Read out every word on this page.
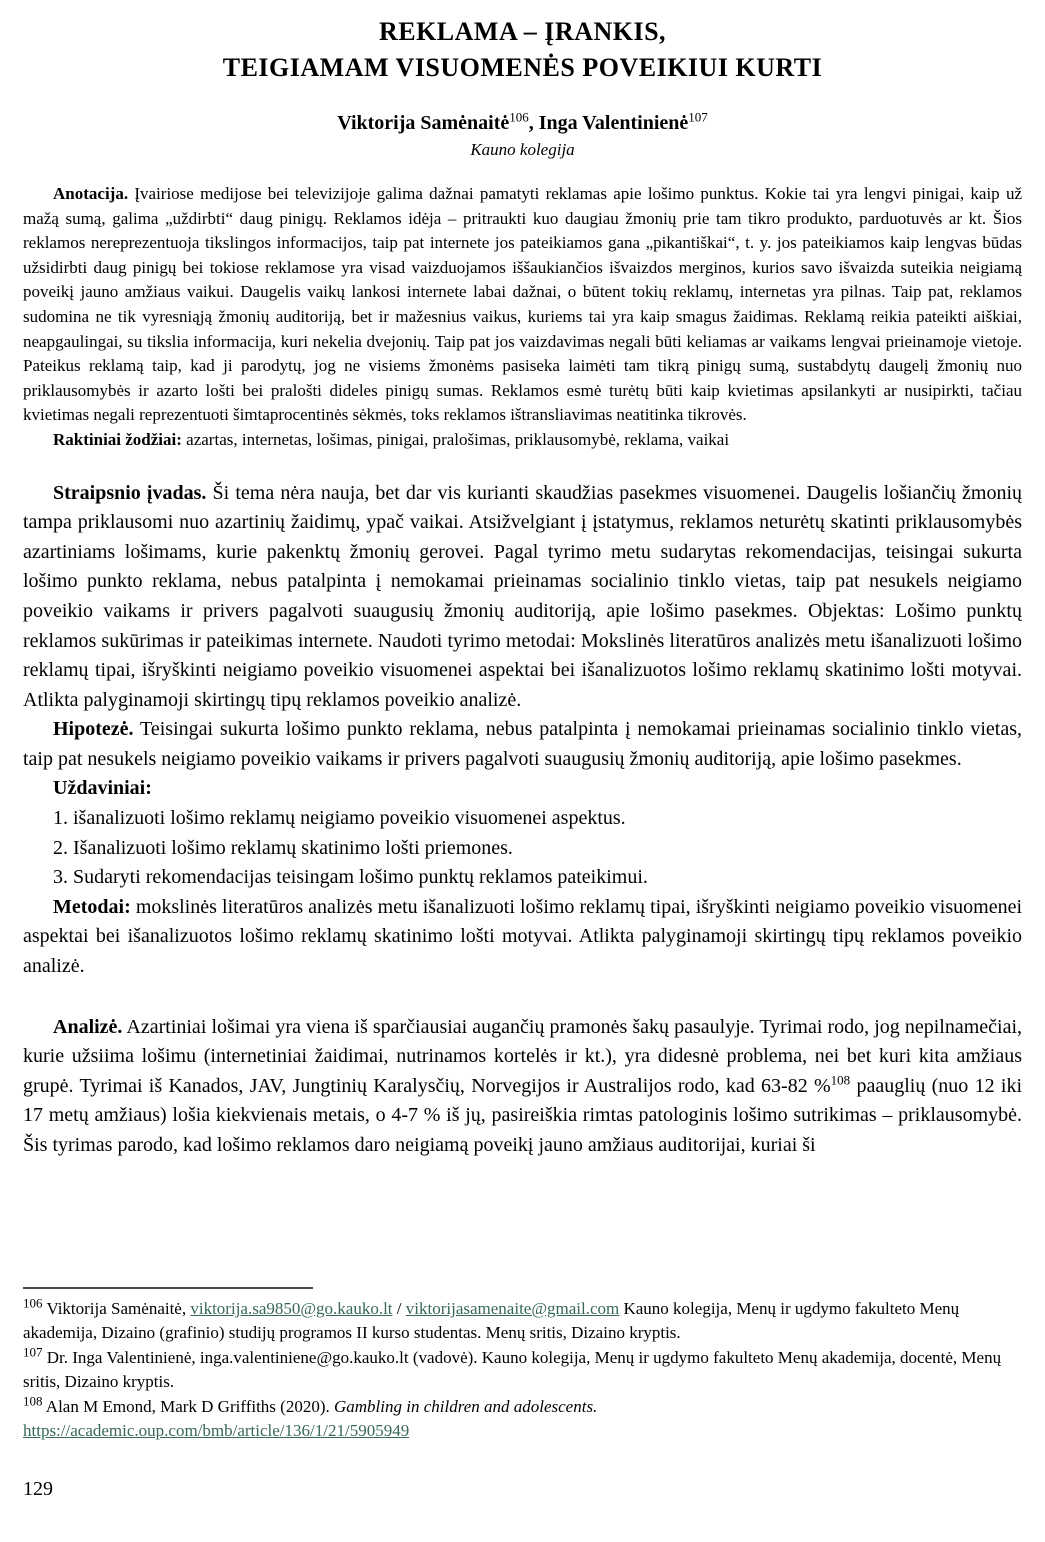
REKLAMA – ĮRANKIS,
TEIGIAMAM VISUOMENĖS POVEIKIUI KURTI
Viktorija Samėnaitė$^{106}$, Inga Valentinienė$^{107}$
Kauno kolegija

Anotacija. Įvairiose medijose bei televizijoje galima dažnai pamatyti reklamas apie lošimo punktus. Kokie tai yra lengvi pinigai, kaip už mažą sumą, galima „uždirbti“ daug pinigų. Reklamos idėja – pritraukti kuo daugiau žmonių prie tam tikro produkto, parduotuvės ar kt. Šios reklamos nereprezentuoja tikslingos informacijos, taip pat internete jos pateikiamos gana „pikantiškai“, t. y. jos pateikiamos kaip lengvas būdas užsidirbti daug pinigų bei tokiose reklamose yra visad vaizduojamos iššaukiančios išvaizdos merginos, kurios savo išvaizda suteikia neigiamą poveikį jauno amžiaus vaikui. Daugelis vaikų lankosi internete labai dažnai, o būtent tokių reklamų, internetas yra pilnas. Taip pat, reklamos sudomina ne tik vyresniąją žmonių auditoriją, bet ir mažesnius vaikus, kuriems tai yra kaip smagus žaidimas. Reklamą reikia pateikti aiškiai, neapgaulingai, su tikslia informacija, kuri nekelia dvejonių. Taip pat jos vaizdavimas negali būti keliamas ar vaikams lengvai prieinamoje vietoje. Pateikus reklamą taip, kad ji parodytų, jog ne visiems žmonėms pasiseka laimėti tam tikrą pinigų sumą, sustabdytų daugelį žmonių nuo priklausomybės ir azarto lošti bei pralošti dideles pinigų sumas. Reklamos esmė turėtų būti kaip kvietimas apsilankyti ar nusipirkti, tačiau kvietimas negali reprezentuoti šimtaprocentinės sėkmės, toks reklamos ištransliavimas neatitinka tikrovės.

Raktiniai žodžiai: azartas, internetas, lošimas, pinigai, pralošimas, priklausomybė, reklama, vaikai

Straipsnio įvadas. Ši tema nėra nauja, bet dar vis kurianti skaudžias pasekmes visuomenei. Daugelis lošiančių žmonių tampa priklausomi nuo azartinių žaidimų, ypač vaikai. Atsižvelgiant į įstatymus, reklamos neturėtų skatinti priklausomybės azartiniams lošimams, kurie pakenktų žmonių gerovei. Pagal tyrimo metu sudarytas rekomendacijas, teisingai sukurta lošimo punkto reklama, nebus patalpinta į nemokamai prieinamas socialinio tinklo vietas, taip pat nesukels neigiamo poveikio vaikams ir privers pagalvoti suaugusių žmonių auditoriją, apie lošimo pasekmes. Objektas: Lošimo punktų reklamos sukūrimas ir pateikimas internete. Naudoti tyrimo metodai: Mokslinės literatūros analizės metu išanalizuoti lošimo reklamų tipai, išryškinti neigiamo poveikio visuomenei aspektai bei išanalizuotos lošimo reklamų skatinimo lošti motyvai. Atlikta palyginamoji skirtingų tipų reklamos poveikio analizė.

Hipotezė. Teisingai sukurta lošimo punkto reklama, nebus patalpinta į nemokamai prieinamas socialinio tinklo vietas, taip pat nesukels neigiamo poveikio vaikams ir privers pagalvoti suaugusių žmonių auditoriją, apie lošimo pasekmes.

Uždaviniai:

1. išanalizuoti lošimo reklamų neigiamo poveikio visuomenei aspektus.

2. Išanalizuoti lošimo reklamų skatinimo lošti priemones.

3. Sudaryti rekomendacijas teisingam lošimo punktų reklamos pateikimui.

Metodai: mokslinės literatūros analizės metu išanalizuoti lošimo reklamų tipai, išryškinti neigiamo poveikio visuomenei aspektai bei išanalizuotos lošimo reklamų skatinimo lošti motyvai. Atlikta palyginamoji skirtingų tipų reklamos poveikio analizė.

Analizė. Azartiniai lošimai yra viena iš sparčiausiai augančių pramonės šakų pasaulyje. Tyrimai rodo, jog nepilnamečiai, kurie užsiima lošimu (internetiniai žaidimai, nutrinamos kortelės ir kt.), yra didesnė problema, nei bet kuri kita amžiaus grupė. Tyrimai iš Kanados, JAV, Jungtinių Karalysčių, Norvegijos ir Australijos rodo, kad 63-82 %$^{108}$ paauglių (nuo 12 iki 17 metų amžiaus) lošia kiekvienais metais, o 4-7 % iš jų, pasireiškia rimtas patologinis lošimo sutrikimas – priklausomybė. Šis tyrimas parodo, kad lošimo reklamos daro neigiamą poveikį jauno amžiaus auditorijai, kuriai ši

$^{106}$ Viktorija Samėnaitė, viktorija.sa9850@go.kauko.lt / viktorijasamenaite@gmail.com Kauno kolegija, Menų ir ugdymo fakulteto Menų akademija, Dizaino (grafinio) studijų programos II kurso studentas. Menų sritis, Dizaino kryptis.

$^{107}$ Dr. Inga Valentinienė, inga.valentiniene@go.kauko.lt (vadovė). Kauno kolegija, Menų ir ugdymo fakulteto Menų akademija, docentė, Menų sritis, Dizaino kryptis.

$^{108}$ Alan M Emond, Mark D Griffiths (2020). Gambling in children and adolescents.
https://academic.oup.com/bmb/article/136/1/21/5905949

129
